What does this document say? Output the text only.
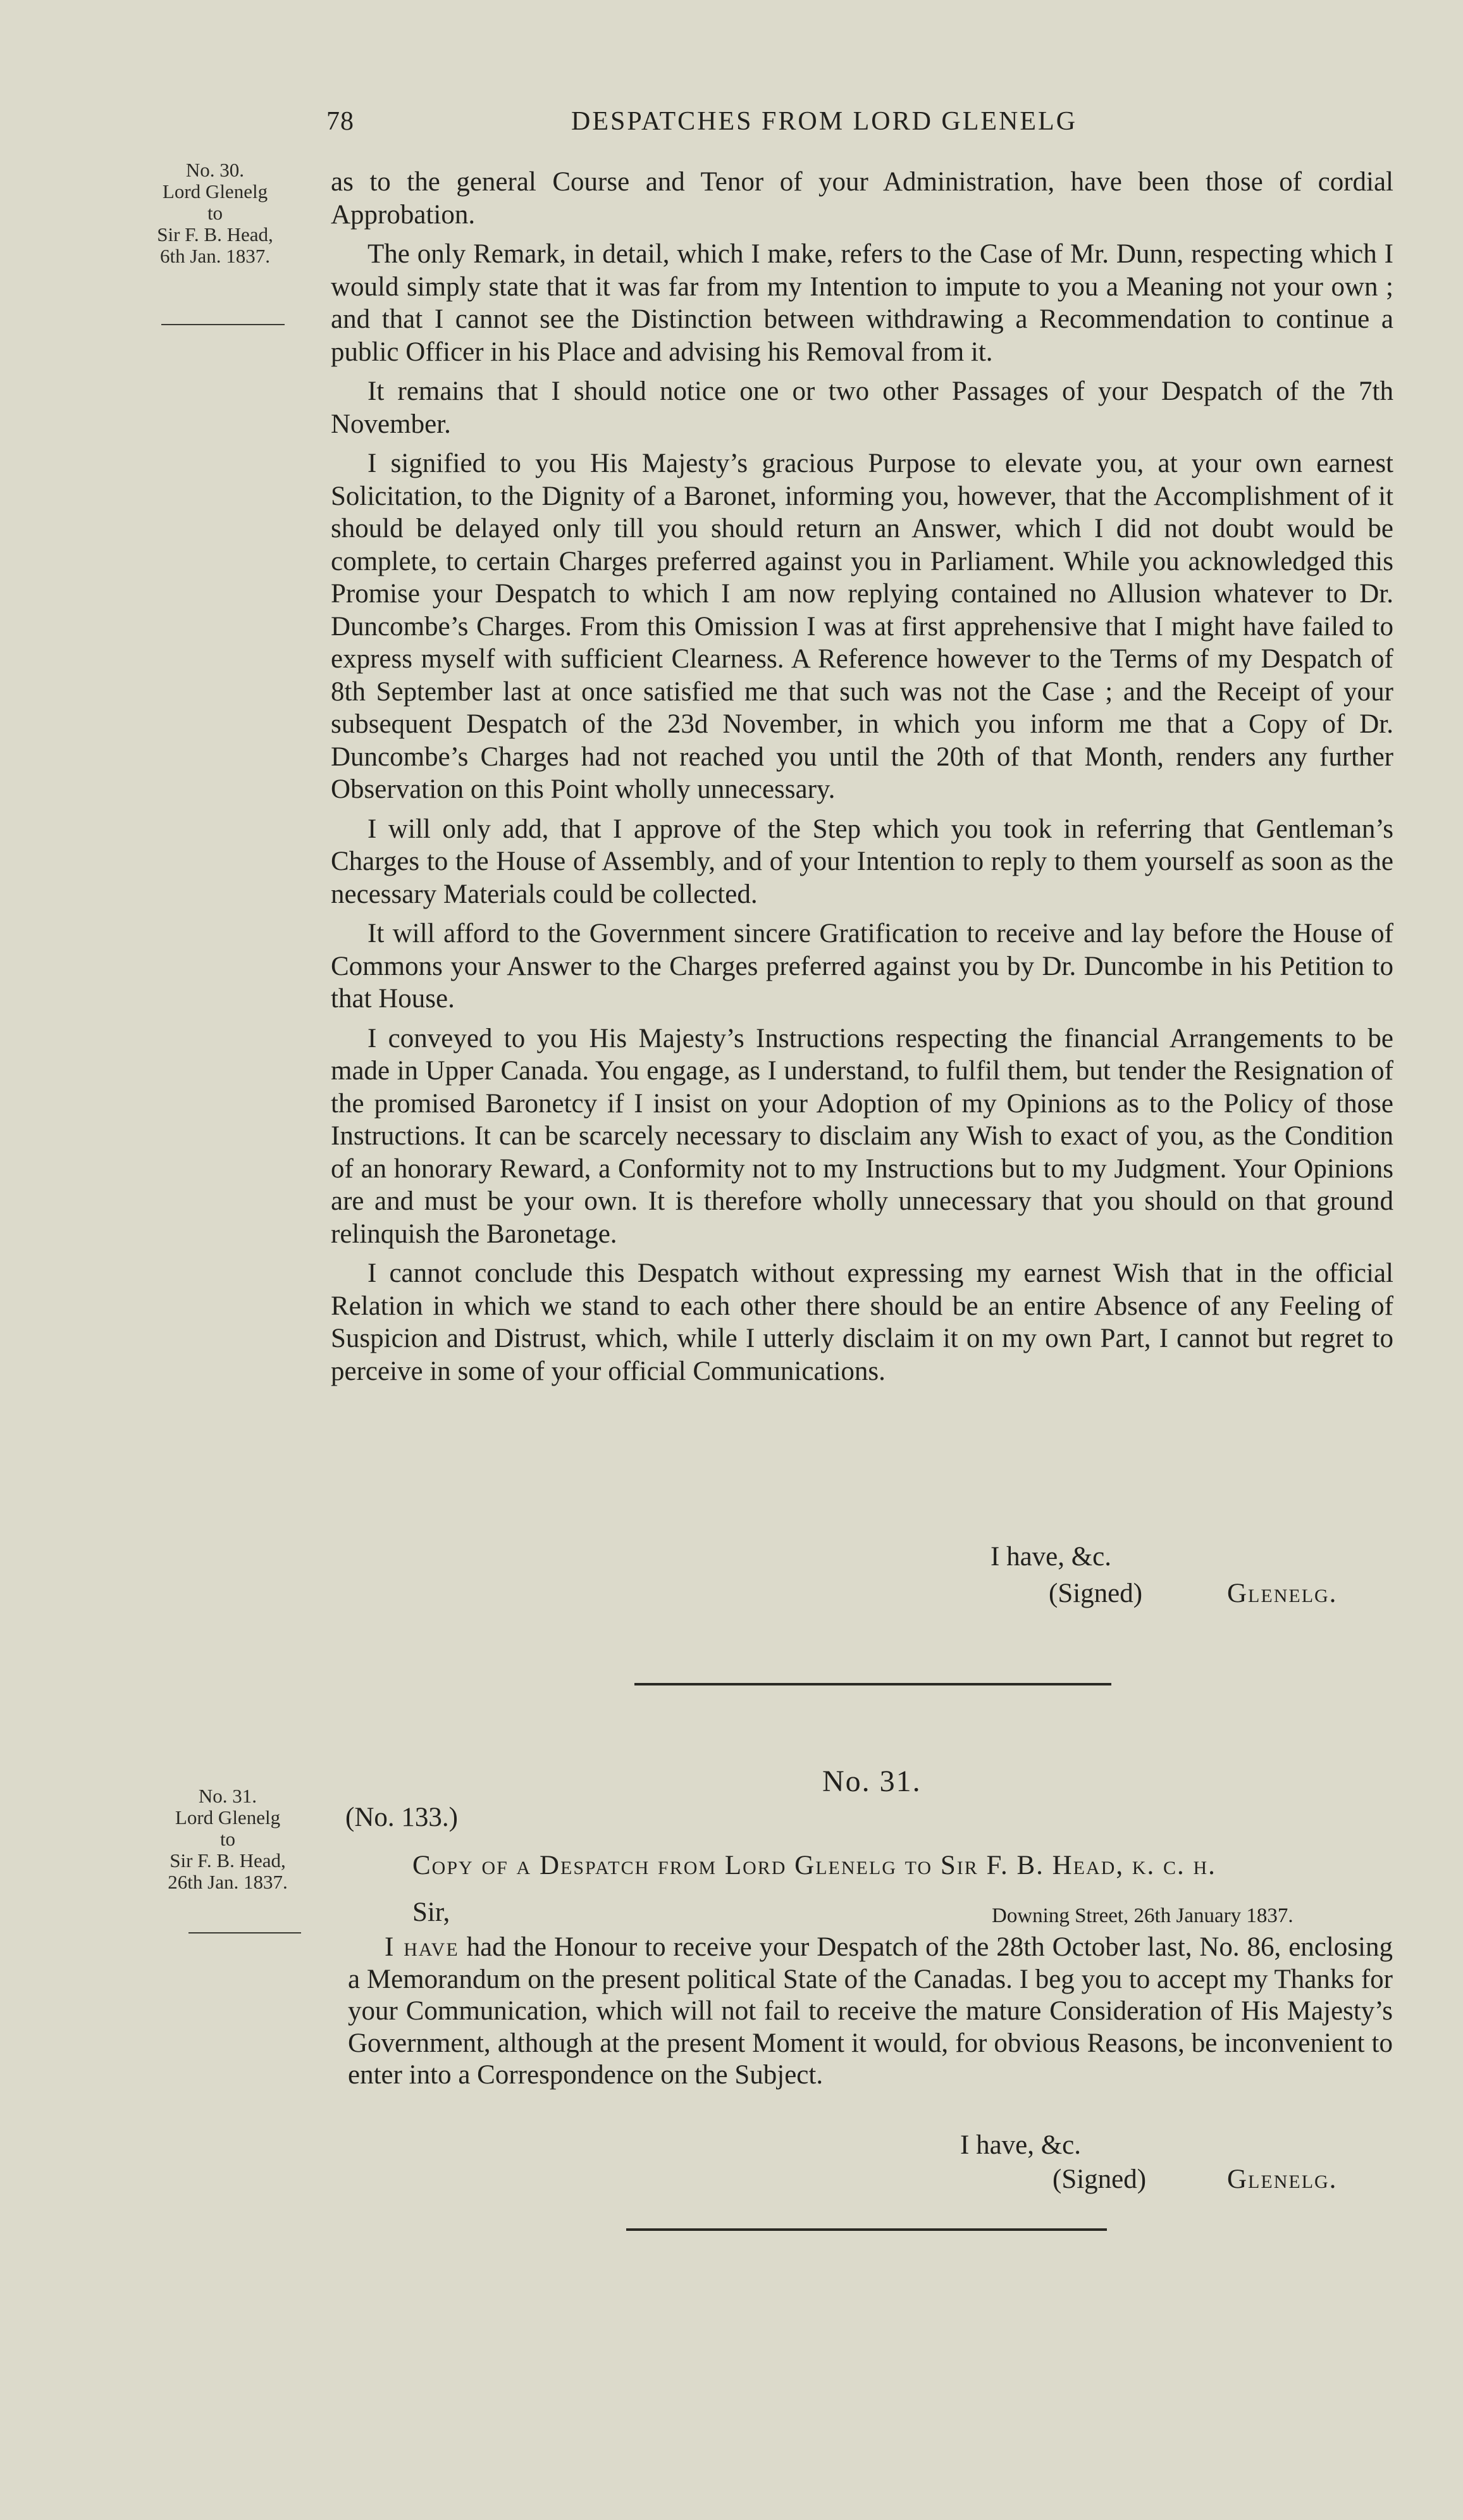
78	DESPATCHES FROM LORD GLENELG
No. 30.
Lord Glenelg
to
Sir F. B. Head,
6th Jan. 1837.

as to the general Course and Tenor of your Administration, have been those of cordial Approbation.

The only Remark, in detail, which I make, refers to the Case of Mr. Dunn, respecting which I would simply state that it was far from my Intention to impute to you a Meaning not your own ; and that I cannot see the Distinction between withdrawing a Recommendation to continue a public Officer in his Place and advising his Removal from it.

It remains that I should notice one or two other Passages of your Despatch of the 7th November.

I signified to you His Majesty’s gracious Purpose to elevate you, at your own earnest Solicitation, to the Dignity of a Baronet, informing you, however, that the Accomplishment of it should be delayed only till you should return an Answer, which I did not doubt would be complete, to certain Charges preferred against you in Parliament. While you acknowledged this Promise your Despatch to which I am now replying contained no Allusion whatever to Dr. Duncombe’s Charges. From this Omission I was at first apprehensive that I might have failed to express myself with sufficient Clearness. A Reference however to the Terms of my Despatch of 8th September last at once satisfied me that such was not the Case ; and the Receipt of your subsequent Despatch of the 23d November, in which you inform me that a Copy of Dr. Duncombe’s Charges had not reached you until the 20th of that Month, renders any further Observation on this Point wholly unnecessary.

I will only add, that I approve of the Step which you took in referring that Gentleman’s Charges to the House of Assembly, and of your Intention to reply to them yourself as soon as the necessary Materials could be collected.

It will afford to the Government sincere Gratification to receive and lay before the House of Commons your Answer to the Charges preferred against you by Dr. Duncombe in his Petition to that House.

I conveyed to you His Majesty’s Instructions respecting the financial Arrangements to be made in Upper Canada. You engage, as I understand, to fulfil them, but tender the Resignation of the promised Baronetcy if I insist on your Adoption of my Opinions as to the Policy of those Instructions. It can be scarcely necessary to disclaim any Wish to exact of you, as the Condition of an honorary Reward, a Conformity not to my Instructions but to my Judgment. Your Opinions are and must be your own. It is therefore wholly unnecessary that you should on that ground relinquish the Baronetage.

I cannot conclude this Despatch without expressing my earnest Wish that in the official Relation in which we stand to each other there should be an entire Absence of any Feeling of Suspicion and Distrust, which, while I utterly disclaim it on my own Part, I cannot but regret to perceive in some of your official Communications.

I have, &c.
(Signed)	Glenelg.
No. 31.
Lord Glenelg
to
Sir F. B. Head,
26th Jan. 1837.
No. 31.
(No. 133.)
Copy of a Despatch from Lord Glenelg to Sir F. B. Head, k. c. h.
Sir,	Downing Street, 26th January 1837.

I have had the Honour to receive your Despatch of the 28th October last, No. 86, enclosing a Memorandum on the present political State of the Canadas. I beg you to accept my Thanks for your Communication, which will not fail to receive the mature Consideration of His Majesty’s Government, although at the present Moment it would, for obvious Reasons, be inconvenient to enter into a Correspondence on the Subject.

I have, &c.
(Signed)	Glenelg.
